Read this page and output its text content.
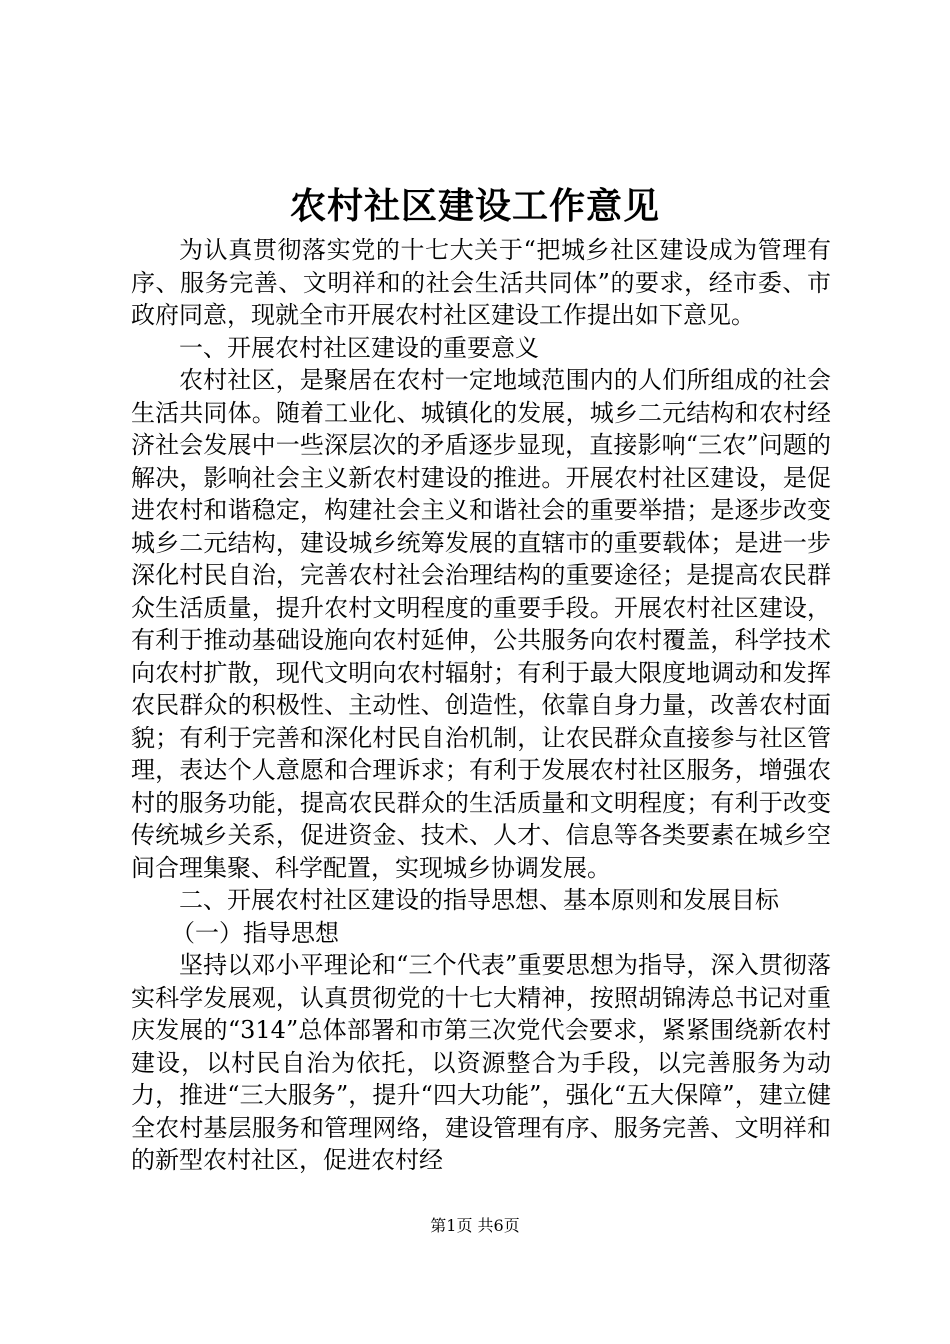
农村社区建设工作意见

为认真贯彻落实党的十七大关于“把城乡社区建设成为管理有序、服务完善、文明祥和的社会生活共同体”的要求，经市委、市政府同意，现就全市开展农村社区建设工作提出如下意见。

一、开展农村社区建设的重要意义

农村社区，是聚居在农村一定地域范围内的人们所组成的社会生活共同体。随着工业化、城镇化的发展，城乡二元结构和农村经济社会发展中一些深层次的矛盾逐步显现，直接影响“三农”问题的解决，影响社会主义新农村建设的推进。开展农村社区建设，是促进农村和谐稳定，构建社会主义和谐社会的重要举措；是逐步改变城乡二元结构，建设城乡统筹发展的直辖市的重要载体；是进一步深化村民自治，完善农村社会治理结构的重要途径；是提高农民群众生活质量，提升农村文明程度的重要手段。开展农村社区建设，有利于推动基础设施向农村延伸，公共服务向农村覆盖，科学技术向农村扩散，现代文明向农村辐射；有利于最大限度地调动和发挥农民群众的积极性、主动性、创造性，依靠自身力量，改善农村面貌；有利于完善和深化村民自治机制，让农民群众直接参与社区管理，表达个人意愿和合理诉求；有利于发展农村社区服务，增强农村的服务功能，提高农民群众的生活质量和文明程度；有利于改变传统城乡关系，促进资金、技术、人才、信息等各类要素在城乡空间合理集聚、科学配置，实现城乡协调发展。

二、开展农村社区建设的指导思想、基本原则和发展目标

（一）指导思想

坚持以邓小平理论和“三个代表”重要思想为指导，深入贯彻落实科学发展观，认真贯彻党的十七大精神，按照胡锦涛总书记对重庆发展的“314”总体部署和市第三次党代会要求，紧紧围绕新农村建设，以村民自治为依托，以资源整合为手段，以完善服务为动力，推进“三大服务”，提升“四大功能”，强化“五大保障”，建立健全农村基层服务和管理网络，建设管理有序、服务完善、文明祥和的新型农村社区，促进农村经

第1页 共6页
